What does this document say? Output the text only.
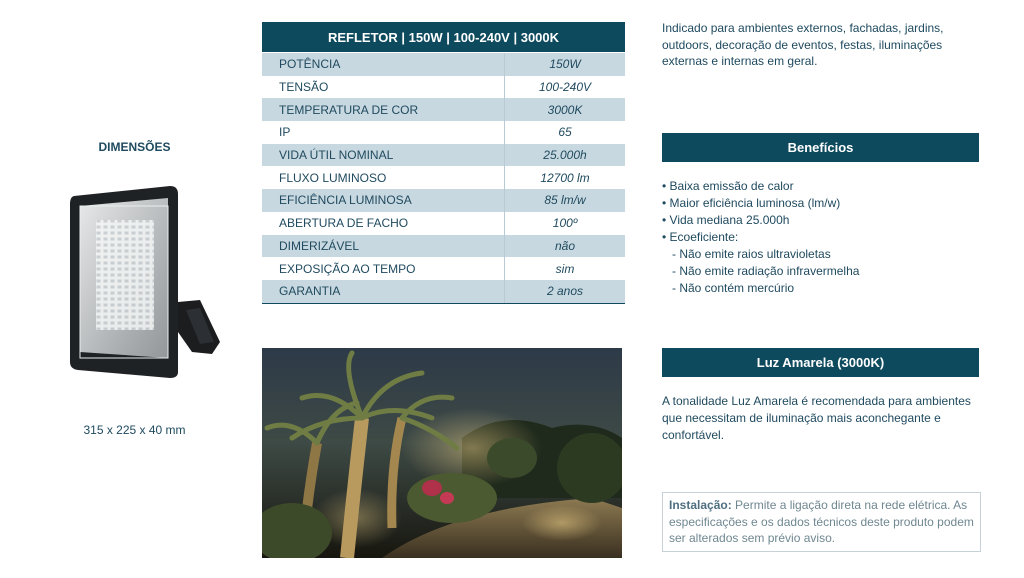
DIMENSÕES
315 x 225 x 40 mm
REFLETOR | 150W | 100-240V | 3000K
POTÊNCIA	150W
TENSÃO	100-240V
TEMPERATURA DE COR	3000K
IP	65
VIDA ÚTIL NOMINAL	25.000h
FLUXO LUMINOSO	12700 lm
EFICIÊNCIA LUMINOSA	85 lm/w
ABERTURA DE FACHO	100º
DIMERIZÁVEL	não
EXPOSIÇÃO AO TEMPO	sim
GARANTIA	2 anos
Indicado para ambientes externos, fachadas, jardins, outdoors, decoração de eventos, festas, iluminações externas e internas em geral.
Benefícios
• Baixa emissão de calor
• Maior eficiência luminosa (lm/w)
• Vida mediana 25.000h
• Ecoeficiente:
- Não emite raios ultravioletas
- Não emite radiação infravermelha
- Não contém mercúrio
Luz Amarela (3000K)
A tonalidade Luz Amarela é recomendada para ambientes que necessitam de iluminação mais aconchegante e confortável.
Instalação: Permite a ligação direta na rede elétrica. As especificações e os dados técnicos deste produto podem ser alterados sem prévio aviso.
